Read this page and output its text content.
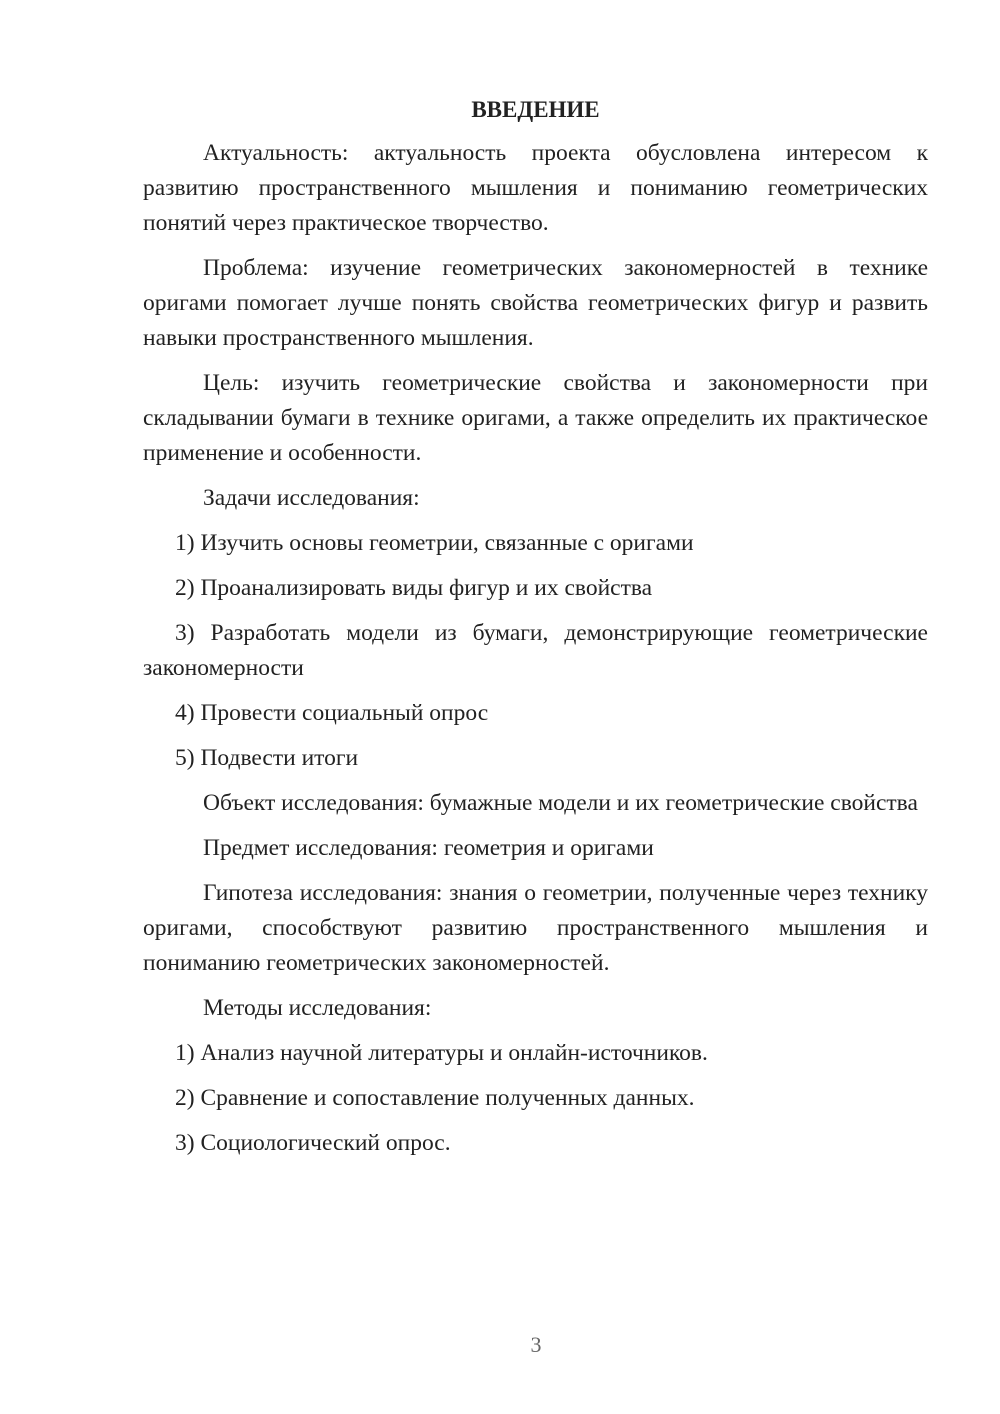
ВВЕДЕНИЕ

Актуальность: актуальность проекта обусловлена интересом к развитию пространственного мышления и пониманию геометрических понятий через практическое творчество.

Проблема: изучение геометрических закономерностей в технике оригами помогает лучше понять свойства геометрических фигур и развить навыки пространственного мышления.

Цель: изучить геометрические свойства и закономерности при складывании бумаги в технике оригами, а также определить их практическое применение и особенности.

Задачи исследования:

1) Изучить основы геометрии, связанные с оригами

2) Проанализировать виды фигур и их свойства

3) Разработать модели из бумаги, демонстрирующие геометрические закономерности

4) Провести социальный опрос

5) Подвести итоги

Объект исследования: бумажные модели и их геометрические свойства

Предмет исследования: геометрия и оригами

Гипотеза исследования: знания о геометрии, полученные через технику оригами, способствуют развитию пространственного мышления и пониманию геометрических закономерностей.

Методы исследования:

1) Анализ научной литературы и онлайн-источников.

2) Сравнение и сопоставление полученных данных.

3) Социологический опрос.

3
